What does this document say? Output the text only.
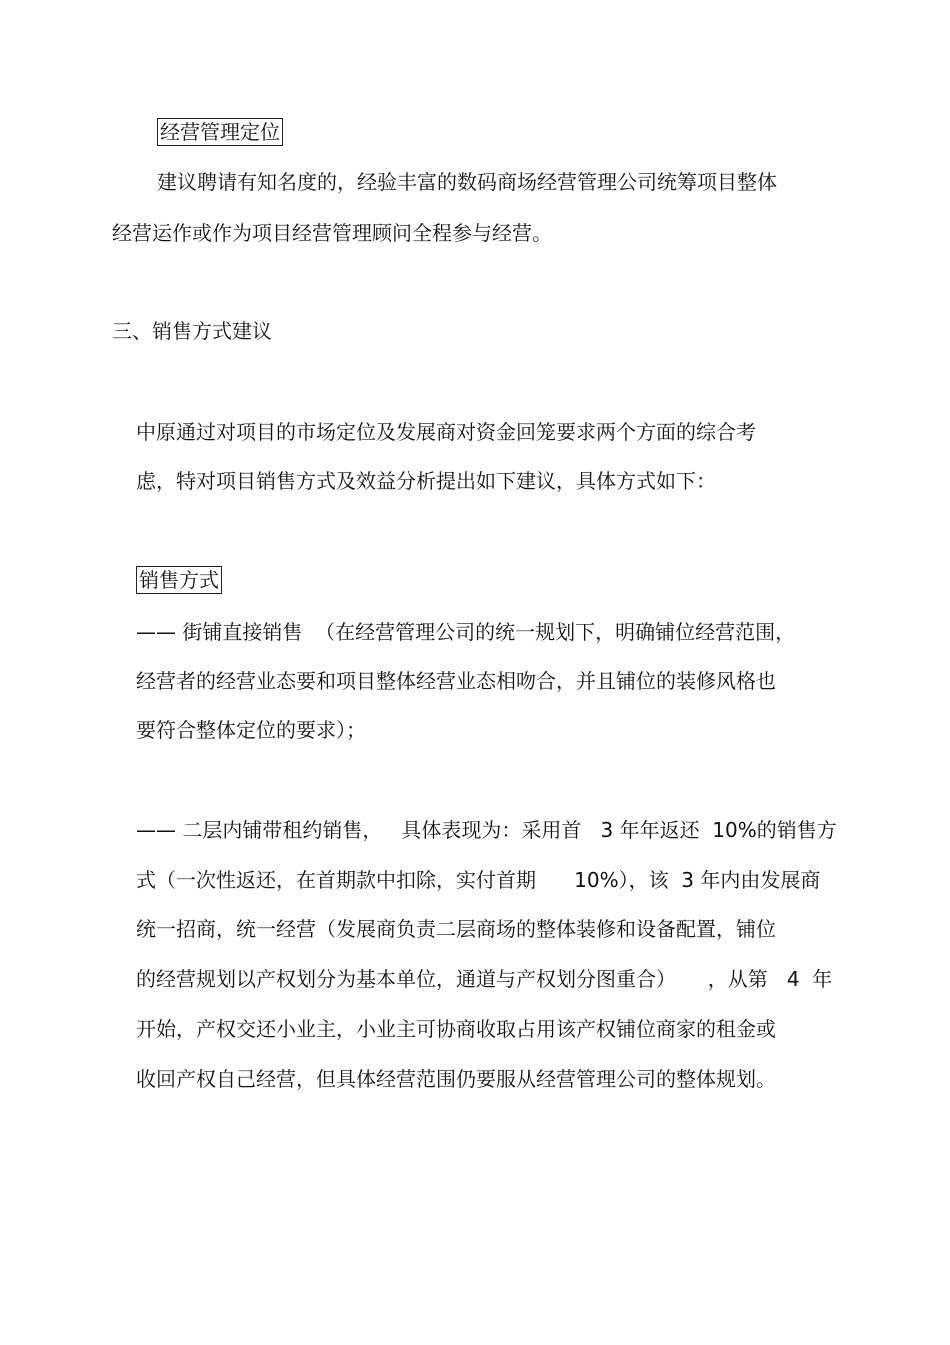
经营管理定位

建议聘请有知名度的，经验丰富的数码商场经营管理公司统筹项目整体

经营运作或作为项目经营管理顾问全程参与经营。

三、销售方式建议

中原通过对项目的市场定位及发展商对资金回笼要求两个方面的综合考

虑，特对项目销售方式及效益分析提出如下建议，具体方式如下：

销售方式

—— 街铺直接销售  （在经营管理公司的统一规划下，明确铺位经营范围，

经营者的经营业态要和项目整体经营业态相吻合，并且铺位的装修风格也

要符合整体定位的要求）；

—— 二层内铺带租约销售，   具体表现为：采用首   3 年年返还  10%的销售方

式（一次性返还，在首期款中扣除，实付首期      10%），该  3 年内由发展商

统一招商，统一经营（发展商负责二层商场的整体装修和设备配置，铺位

的经营规划以产权划分为基本单位，通道与产权划分图重合）     ，从第   4  年

开始，产权交还小业主，小业主可协商收取占用该产权铺位商家的租金或

收回产权自己经营，但具体经营范围仍要服从经营管理公司的整体规划。
